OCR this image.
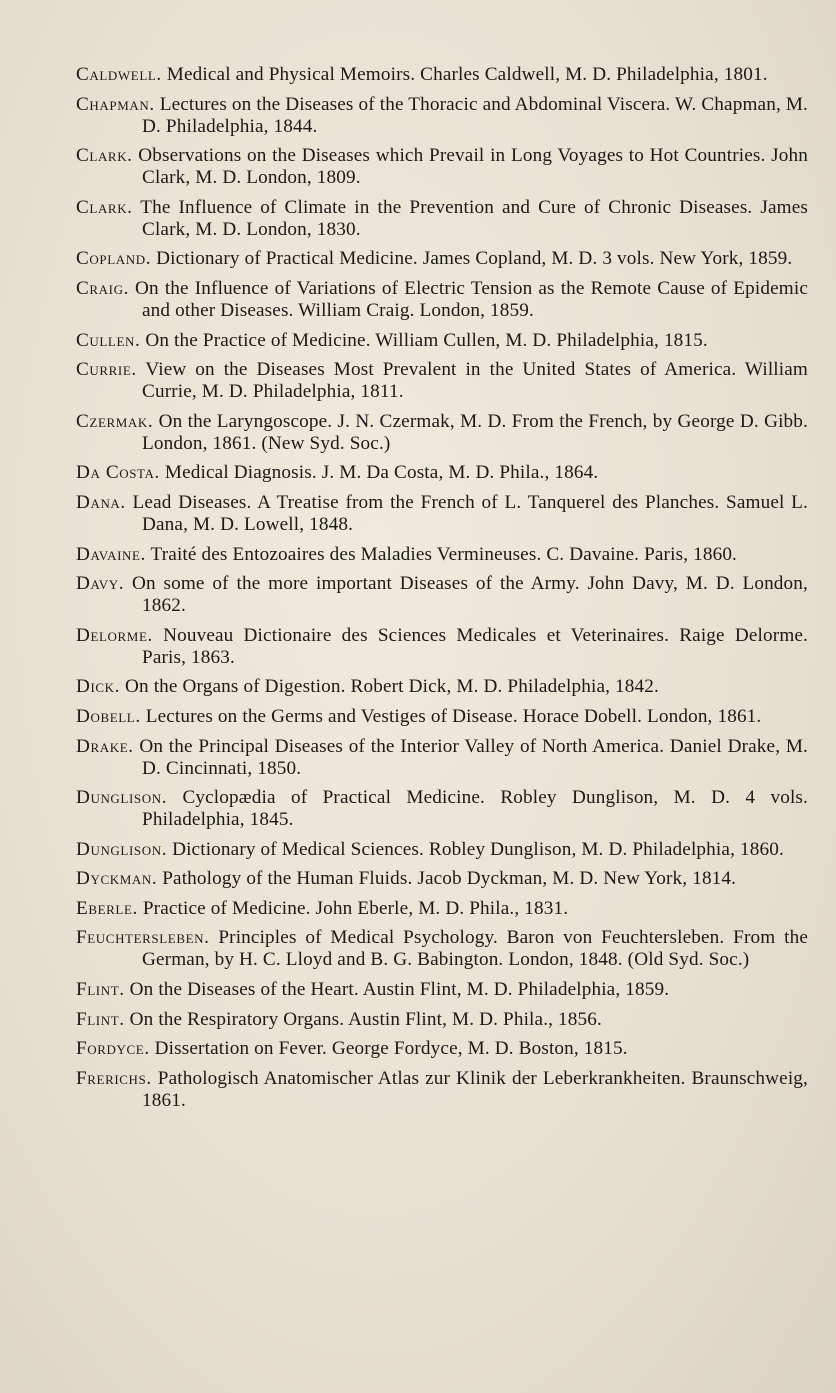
Caldwell. Medical and Physical Memoirs. Charles Caldwell, M. D. Philadelphia, 1801.

Chapman. Lectures on the Diseases of the Thoracic and Abdominal Viscera. W. Chapman, M. D. Philadelphia, 1844.

Clark. Observations on the Diseases which Prevail in Long Voyages to Hot Countries. John Clark, M. D. London, 1809.

Clark. The Influence of Climate in the Prevention and Cure of Chronic Diseases. James Clark, M. D. London, 1830.

Copland. Dictionary of Practical Medicine. James Copland, M. D. 3 vols. New York, 1859.

Craig. On the Influence of Variations of Electric Tension as the Remote Cause of Epidemic and other Diseases. William Craig. London, 1859.

Cullen. On the Practice of Medicine. William Cullen, M. D. Philadelphia, 1815.

Currie. View on the Diseases Most Prevalent in the United States of America. William Currie, M. D. Philadelphia, 1811.

Czermak. On the Laryngoscope. J. N. Czermak, M. D. From the French, by George D. Gibb. London, 1861. (New Syd. Soc.)

Da Costa. Medical Diagnosis. J. M. Da Costa, M. D. Phila., 1864.

Dana. Lead Diseases. A Treatise from the French of L. Tanquerel des Planches. Samuel L. Dana, M. D. Lowell, 1848.

Davaine. Traité des Entozoaires des Maladies Vermineuses. C. Davaine. Paris, 1860.

Davy. On some of the more important Diseases of the Army. John Davy, M. D. London, 1862.

Delorme. Nouveau Dictionaire des Sciences Medicales et Veterinaires. Raige Delorme. Paris, 1863.

Dick. On the Organs of Digestion. Robert Dick, M. D. Philadelphia, 1842.

Dobell. Lectures on the Germs and Vestiges of Disease. Horace Dobell. London, 1861.

Drake. On the Principal Diseases of the Interior Valley of North America. Daniel Drake, M. D. Cincinnati, 1850.

Dunglison. Cyclopædia of Practical Medicine. Robley Dunglison, M. D. 4 vols. Philadelphia, 1845.

Dunglison. Dictionary of Medical Sciences. Robley Dunglison, M. D. Philadelphia, 1860.

Dyckman. Pathology of the Human Fluids. Jacob Dyckman, M. D. New York, 1814.

Eberle. Practice of Medicine. John Eberle, M. D. Phila., 1831.

Feuchtersleben. Principles of Medical Psychology. Baron von Feuchtersleben. From the German, by H. C. Lloyd and B. G. Babington. London, 1848. (Old Syd. Soc.)

Flint. On the Diseases of the Heart. Austin Flint, M. D. Philadelphia, 1859.

Flint. On the Respiratory Organs. Austin Flint, M. D. Phila., 1856.

Fordyce. Dissertation on Fever. George Fordyce, M. D. Boston, 1815.

Frerichs. Pathologisch Anatomischer Atlas zur Klinik der Leberkrankheiten. Braunschweig, 1861.
